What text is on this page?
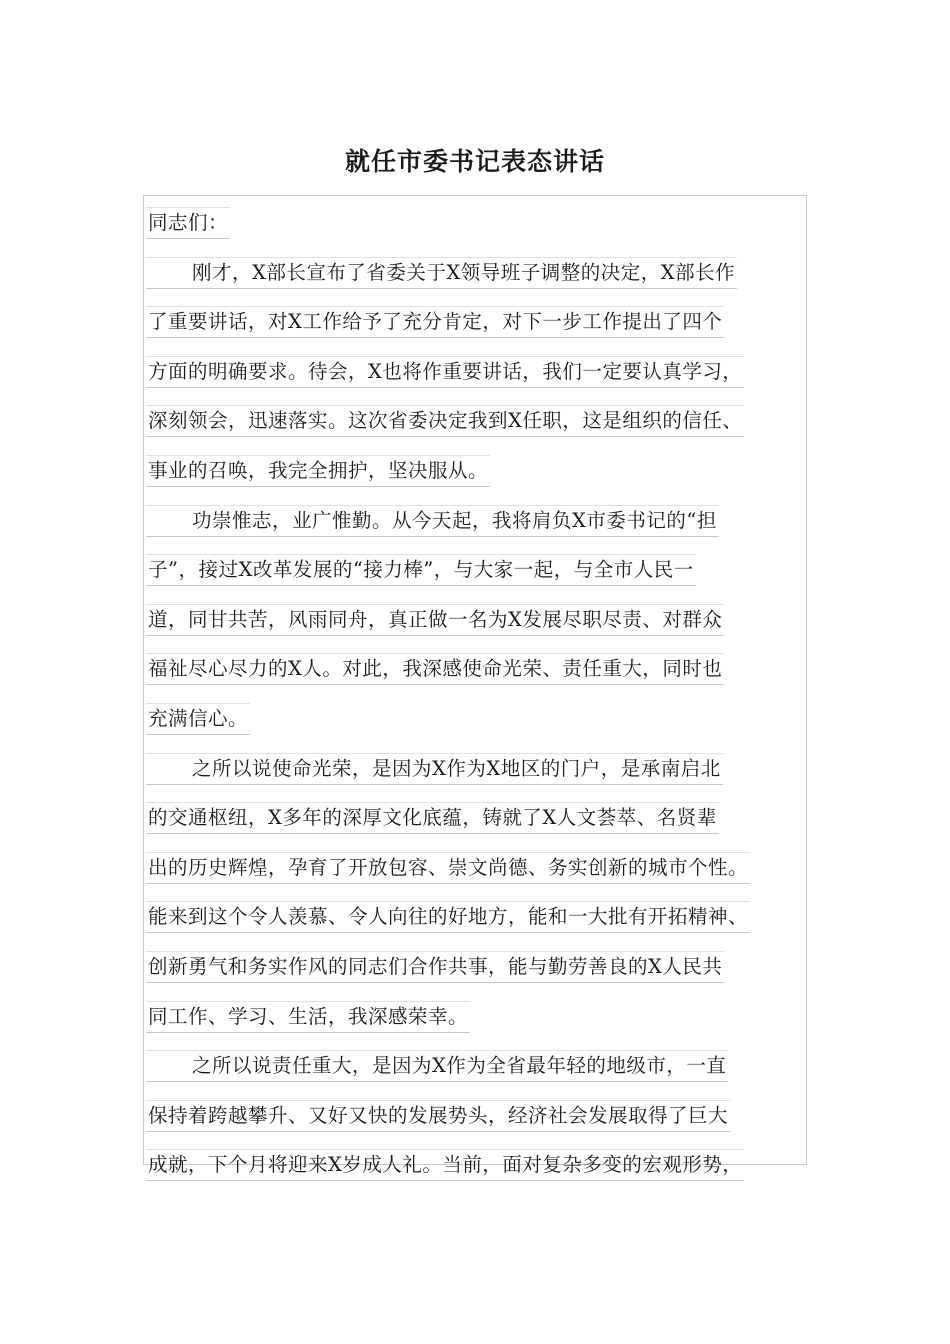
就任市委书记表态讲话
同志们：
刚才，X部长宣布了省委关于X领导班子调整的决定，X部长作
了重要讲话，对X工作给予了充分肯定，对下一步工作提出了四个
方面的明确要求。待会，X也将作重要讲话，我们一定要认真学习，
深刻领会，迅速落实。这次省委决定我到X任职，这是组织的信任、
事业的召唤，我完全拥护，坚决服从。
功崇惟志，业广惟勤。从今天起，我将肩负X市委书记的“担
子”，接过X改革发展的“接力棒”，与大家一起，与全市人民一
道，同甘共苦，风雨同舟，真正做一名为X发展尽职尽责、对群众
福祉尽心尽力的X人。对此，我深感使命光荣、责任重大，同时也
充满信心。
之所以说使命光荣，是因为X作为X地区的门户，是承南启北
的交通枢纽，X多年的深厚文化底蕴，铸就了X人文荟萃、名贤辈
出的历史辉煌，孕育了开放包容、崇文尚德、务实创新的城市个性。
能来到这个令人羡慕、令人向往的好地方，能和一大批有开拓精神、
创新勇气和务实作风的同志们合作共事，能与勤劳善良的X人民共
同工作、学习、生活，我深感荣幸。
之所以说责任重大，是因为X作为全省最年轻的地级市，一直
保持着跨越攀升、又好又快的发展势头，经济社会发展取得了巨大
成就，下个月将迎来X岁成人礼。当前，面对复杂多变的宏观形势，
